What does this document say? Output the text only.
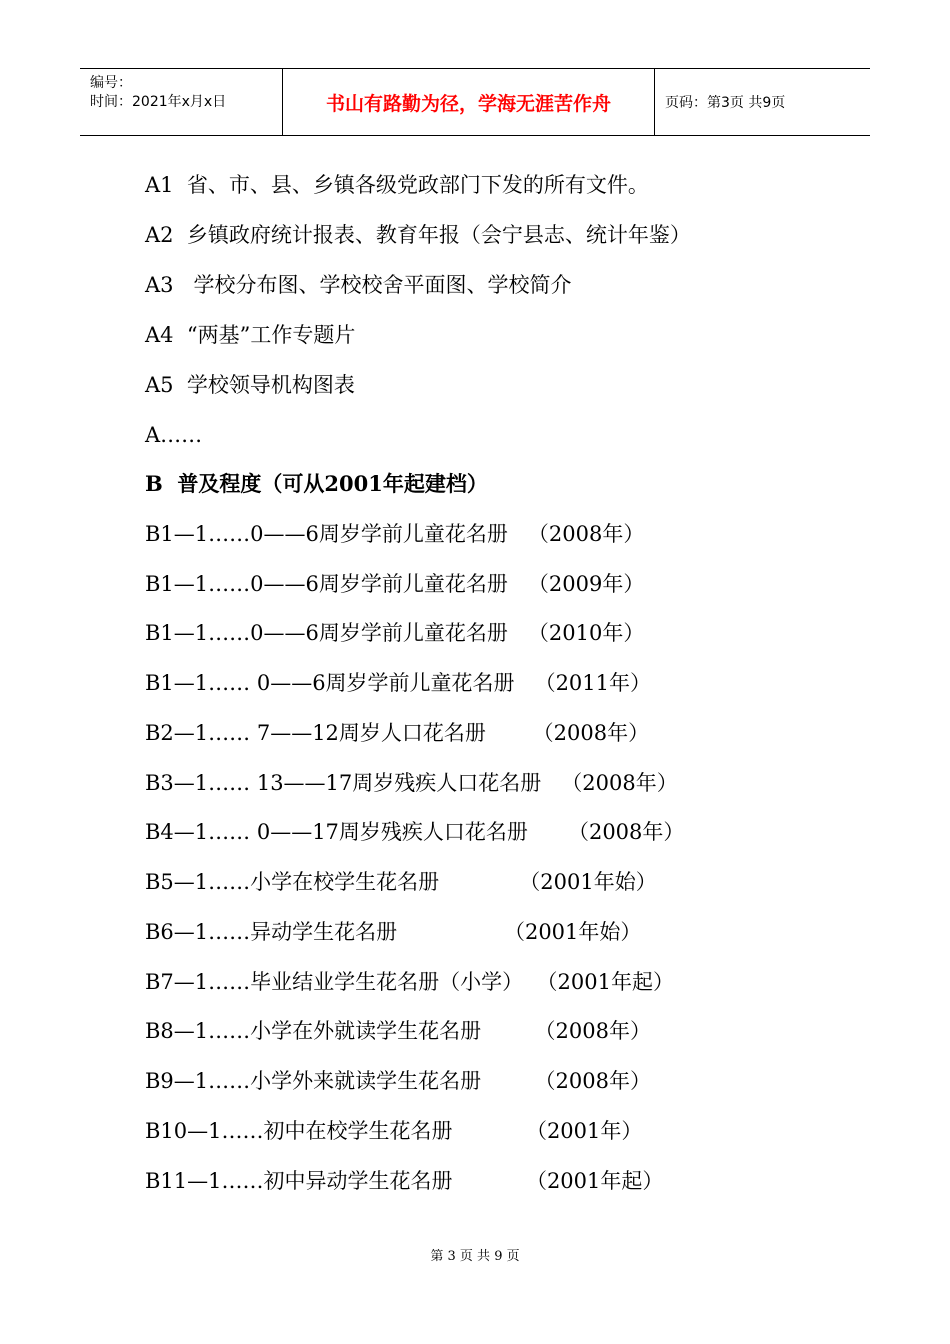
编号：
时间：2021年x月x日	书山有路勤为径，学海无涯苦作舟	页码：第3页 共9页
A1  省、市、县、乡镇各级党政部门下发的所有文件。
A2  乡镇政府统计报表、教育年报（会宁县志、统计年鉴）
A3   学校分布图、学校校舍平面图、学校简介
A4  “两基”工作专题片
A5  学校领导机构图表
A……
B  普及程度（可从2001年起建档）
B1—1……0——6周岁学前儿童花名册   （2008年）
B1—1……0——6周岁学前儿童花名册   （2009年）
B1—1……0——6周岁学前儿童花名册   （2010年）
B1—1…… 0——6周岁学前儿童花名册   （2011年）
B2—1…… 7——12周岁人口花名册       （2008年）
B3—1…… 13——17周岁残疾人口花名册   （2008年）
B4—1…… 0——17周岁残疾人口花名册      （2008年）
B5—1……小学在校学生花名册            （2001年始）
B6—1……异动学生花名册                （2001年始）
B7—1……毕业结业学生花名册（小学）  （2001年起）
B8—1……小学在外就读学生花名册        （2008年）
B9—1……小学外来就读学生花名册        （2008年）
B10—1……初中在校学生花名册           （2001年）
B11—1……初中异动学生花名册           （2001年起）
第 3 页 共 9 页
